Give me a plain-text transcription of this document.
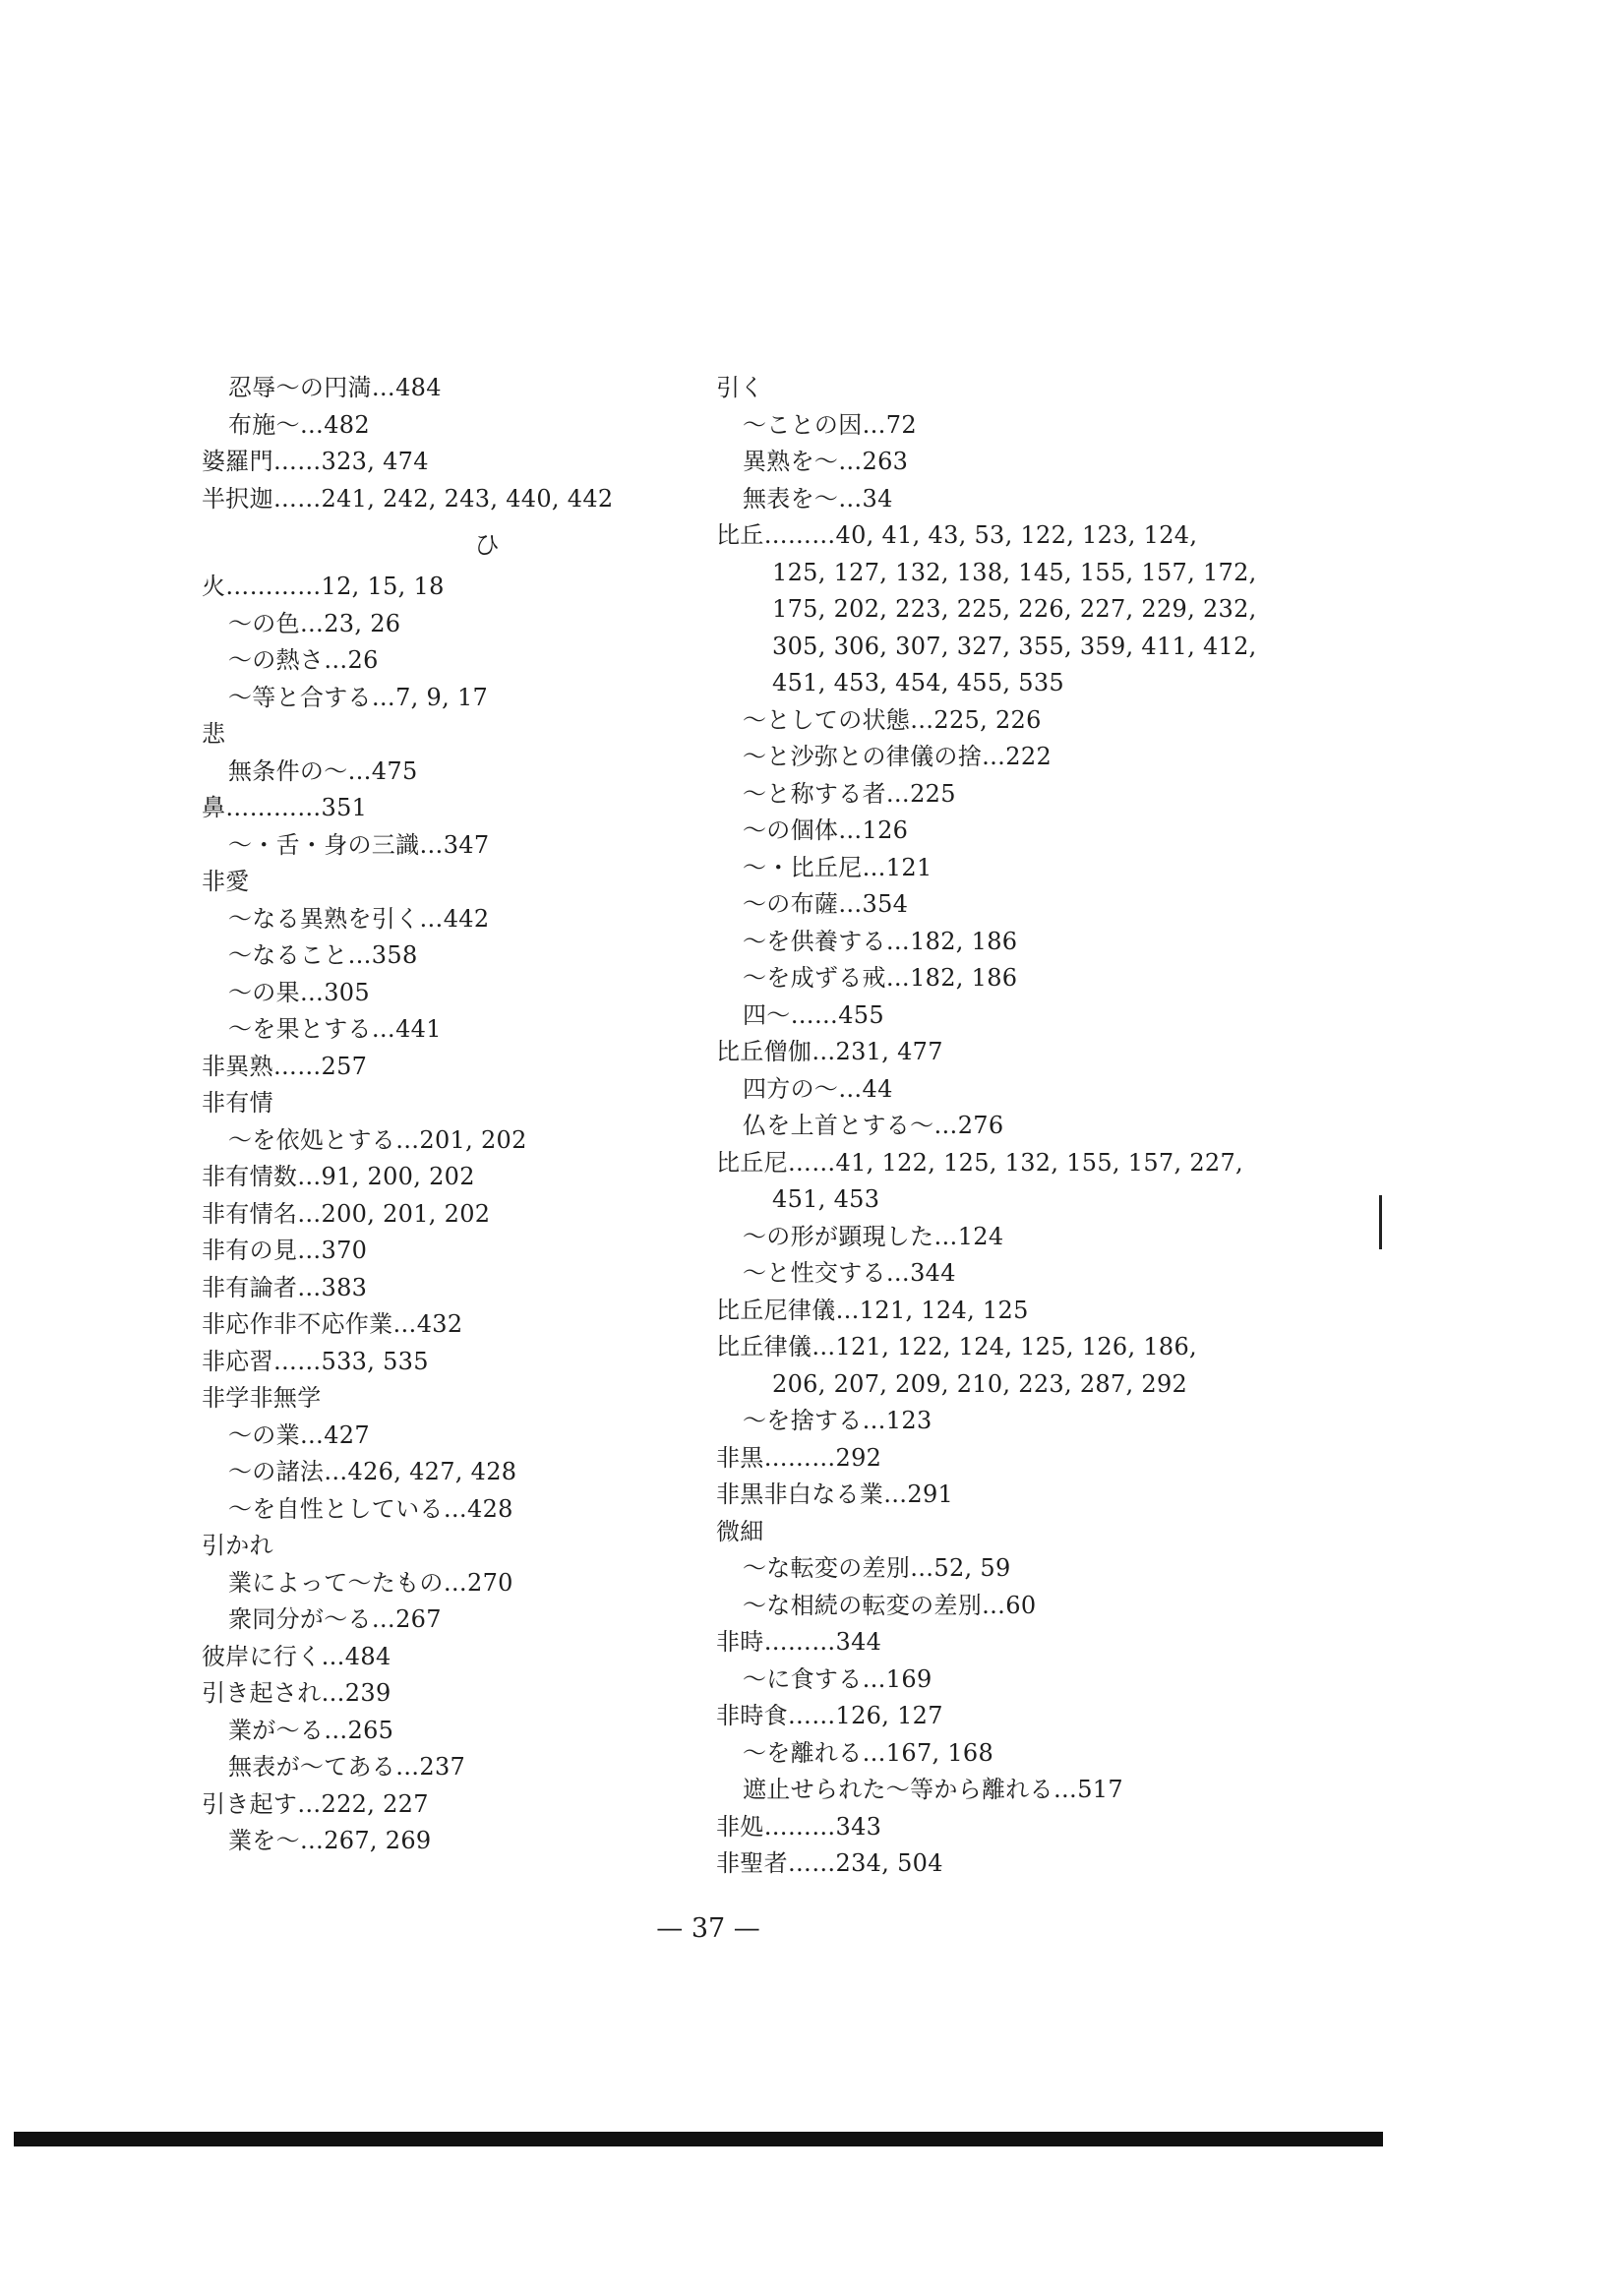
忍辱～の円満…484
布施～…482
婆羅門……323, 474
半択迦……241, 242, 243, 440, 442
ひ
火…………12, 15, 18
～の色…23, 26
～の熱さ…26
～等と合する…7, 9, 17
悲
無条件の～…475
鼻…………351
～・舌・身の三識…347
非愛
～なる異熟を引く…442
～なること…358
～の果…305
～を果とする…441
非異熟……257
非有情
～を依処とする…201, 202
非有情数…91, 200, 202
非有情名…200, 201, 202
非有の見…370
非有論者…383
非応作非不応作業…432
非応習……533, 535
非学非無学
～の業…427
～の諸法…426, 427, 428
～を自性としている…428
引かれ
業によって～たもの…270
衆同分が～る…267
彼岸に行く…484
引き起され…239
業が～る…265
無表が～てある…237
引き起す…222, 227
業を～…267, 269
引く
～ことの因…72
異熟を～…263
無表を～…34
比丘………40, 41, 43, 53, 122, 123, 124,
125, 127, 132, 138, 145, 155, 157, 172,
175, 202, 223, 225, 226, 227, 229, 232,
305, 306, 307, 327, 355, 359, 411, 412,
451, 453, 454, 455, 535
～としての状態…225, 226
～と沙弥との律儀の捨…222
～と称する者…225
～の個体…126
～・比丘尼…121
～の布薩…354
～を供養する…182, 186
～を成ずる戒…182, 186
四～……455
比丘僧伽…231, 477
四方の～…44
仏を上首とする～…276
比丘尼……41, 122, 125, 132, 155, 157, 227,
451, 453
～の形が顕現した…124
～と性交する…344
比丘尼律儀…121, 124, 125
比丘律儀…121, 122, 124, 125, 126, 186,
206, 207, 209, 210, 223, 287, 292
～を捨する…123
非黒………292
非黒非白なる業…291
微細
～な転変の差別…52, 59
～な相続の転変の差別…60
非時………344
～に食する…169
非時食……126, 127
～を離れる…167, 168
遮止せられた～等から離れる…517
非処………343
非聖者……234, 504
— 37 —
